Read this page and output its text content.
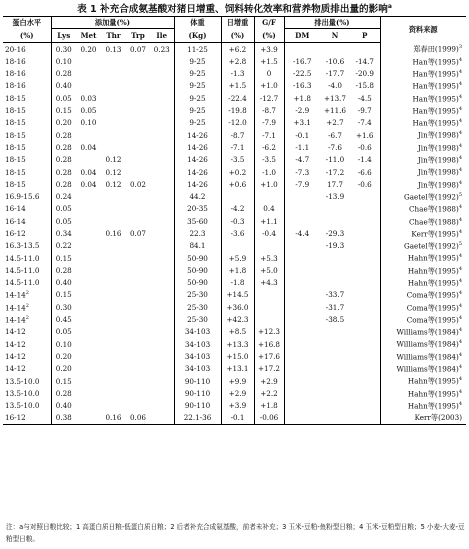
表 1 补充合成氨基酸对猪日增重、饲料转化效率和营养物质排出量的影响$^a$
蛋白水平	添加量(%)					体重	日增重	G/F	排出量(%)			资料来源
(%)	Lys	Met	Thr	Trp	Ile	(Kg)	(%)	(%)	DM	N	P	
20-16	0.30	0.20	0.13	0.07	0.23	11-25	+6.2	+3.9				郑春田$(1999)^3$
18-16	0.10					9-25	+2.8	+1.5	-16.7	-10.6	-14.7	Han等$(1995)^4$
18-16	0.28					9-25	-1.3	0	-22.5	-17.7	-20.9	Han等$(1995)^4$
18-16	0.40					9-25	+1.5	+1.0	-16.3	-4.0	-15.8	Han等$(1995)^4$
18-15	0.05	0.03				9-25	-22.4	-12.7	+1.8	+13.7	-4.5	Han等$(1995)^4$
18-15	0.15	0.05				9-25	-19.8	-8.7	-2.9	+11.6	-9.7	Han等$(1995)^4$
18-15	0.20	0.10				9-25	-12.0	-7.9	+3.1	+2.7	-7.4	Han等$(1995)^4$
18-15	0.28					14-26	-8.7	-7.1	-0.1	-6.7	+1.6	Jin等$(1998)^4$
18-15	0.28	0.04				14-26	-7.1	-6.2	-1.1	-7.6	-0.6	Jin等$(1998)^4$
18-15	0.28		0.12			14-26	-3.5	-3.5	-4.7	-11.0	-1.4	Jin等$(1998)^4$
18-15	0.28	0.04	0.12			14-26	+0.2	-1.0	-7.3	-17.2	-6.6	Jin等$(1998)^4$
18-15	0.28	0.04	0.12	0.02		14-26	+0.6	+1.0	-7.9	17.7	-0.6	Jin等$(1998)^4$
16.9-15.6	0.24					44.2				-13.9		Gaetel等$(1992)^5$
16-14	0.05					20-35	-4.2	0.4				Chae等$(1988)^4$
16-14	0.05					35-60	-0.3	+1.1				Chae等$(1988)^4$
16-12	0.34		0.16	0.07		22.3	-3.6	-0.4	-4.4	-29.3		Kerr等$(1995)^4$
16.3-13.5	0.22					84.1				-19.3		Gaetel等$(1992)^5$
14.5-11.0	0.15					50-90	+5.9	+5.3				Hahn等$(1995)^4$
14.5-11.0	0.28					50-90	+1.8	+5.0				Hahn等$(1995)^4$
14.5-11.0	0.40					50-90	-1.8	+4.3				Hahn等$(1995)^4$
$14-14^2$	0.15					25-30	+14.5			-33.7		Coma等$(1995)^4$
$14-14^2$	0.30					25-30	+36.0			-31.7		Coma等$(1995)^4$
$14-14^2$	0.45					25-30	+42.3			-38.5		Coma等$(1995)^4$
14-12	0.05					34-103	+8.5	+12.3				Williams等$(1984)^4$
14-12	0.10					34-103	+13.3	+16.8				Williams等$(1984)^4$
14-12	0.20					34-103	+15.0	+17.6				Williams等$(1984)^4$
14-12	0.20					34-103	+13.1	+17.2				Williams等$(1984)^4$
13.5-10.0	0.15					90-110	+9.9	+2.9				Hahn等$(1995)^4$
13.5-10.0	0.28					90-110	+2.9	+2.2				Hahn等$(1995)^4$
13.5-10.0	0.40					90-110	+3.9	+1.8				Hahn等$(1995)^4$
16-12	0.38		0.16	0.06		22.1-36	-0.1	-0.06				Kerr等(2003)
注：a与对照日粮比较；1 高蛋白质日粮-低蛋白质日粮；2 后者补充合成氨基酸，前者未补充；3 玉米-豆粕-鱼粉型日粮；4 玉米-豆粕型日粮；5 小麦-大麦-豆粕型日粮。
